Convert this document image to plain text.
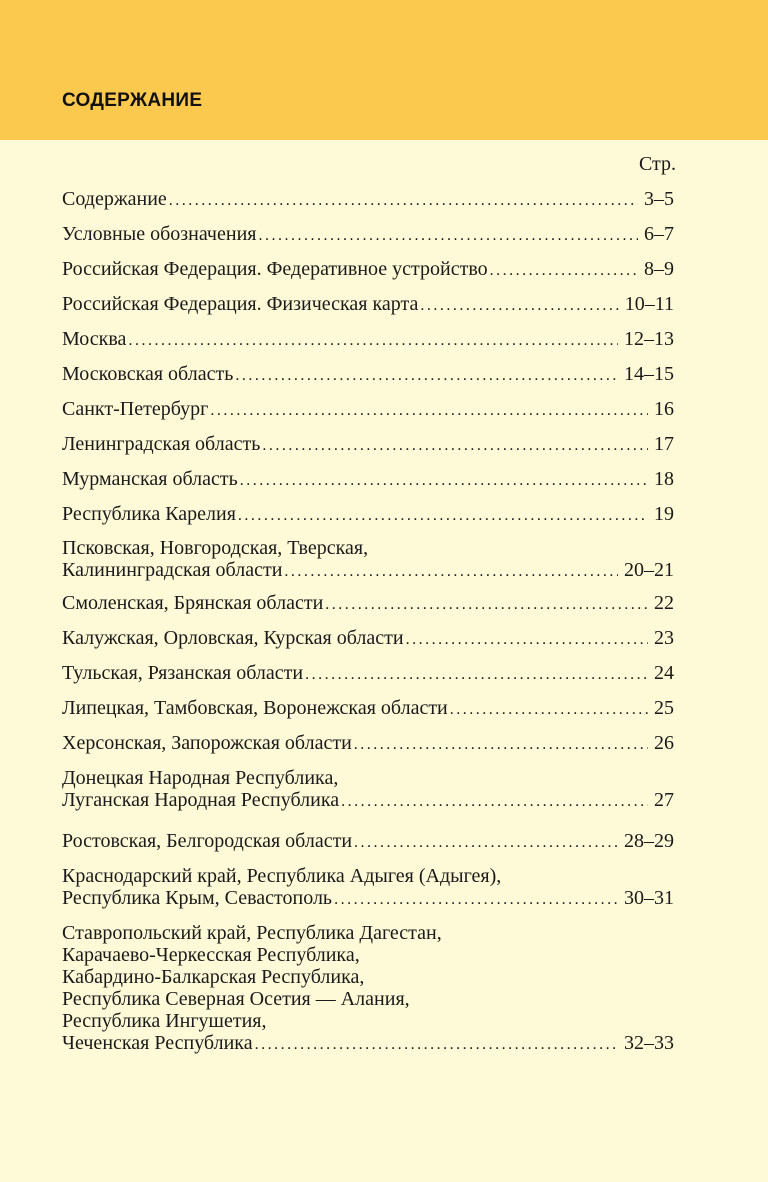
СОДЕРЖАНИЕ
Стр.
Содержание .....	3–5
Условные обозначения .....	6–7
Российская Федерация. Федеративное устройство .....	8–9
Российская Федерация. Физическая карта .....	10–11
Москва .....	12–13
Московская область .....	14–15
Санкт-Петербург .....	16
Ленинградская область .....	17
Мурманская область .....	18
Республика Карелия .....	19
Псковская, Новгородская, Тверская,
Калининградская области .....	20–21
Смоленская, Брянская области .....	22
Калужская, Орловская, Курская области .....	23
Тульская, Рязанская области .....	24
Липецкая, Тамбовская, Воронежская области .....	25
Херсонская, Запорожская области .....	26
Донецкая Народная Республика,
Луганская Народная Республика .....	27
Ростовская, Белгородская области .....	28–29
Краснодарский край, Республика Адыгея (Адыгея),
Республика Крым, Севастополь .....	30–31
Ставропольский край, Республика Дагестан,
Карачаево-Черкесская Республика,
Кабардино-Балкарская Республика,
Республика Северная Осетия — Алания,
Республика Ингушетия,
Чеченская Республика .....	32–33
